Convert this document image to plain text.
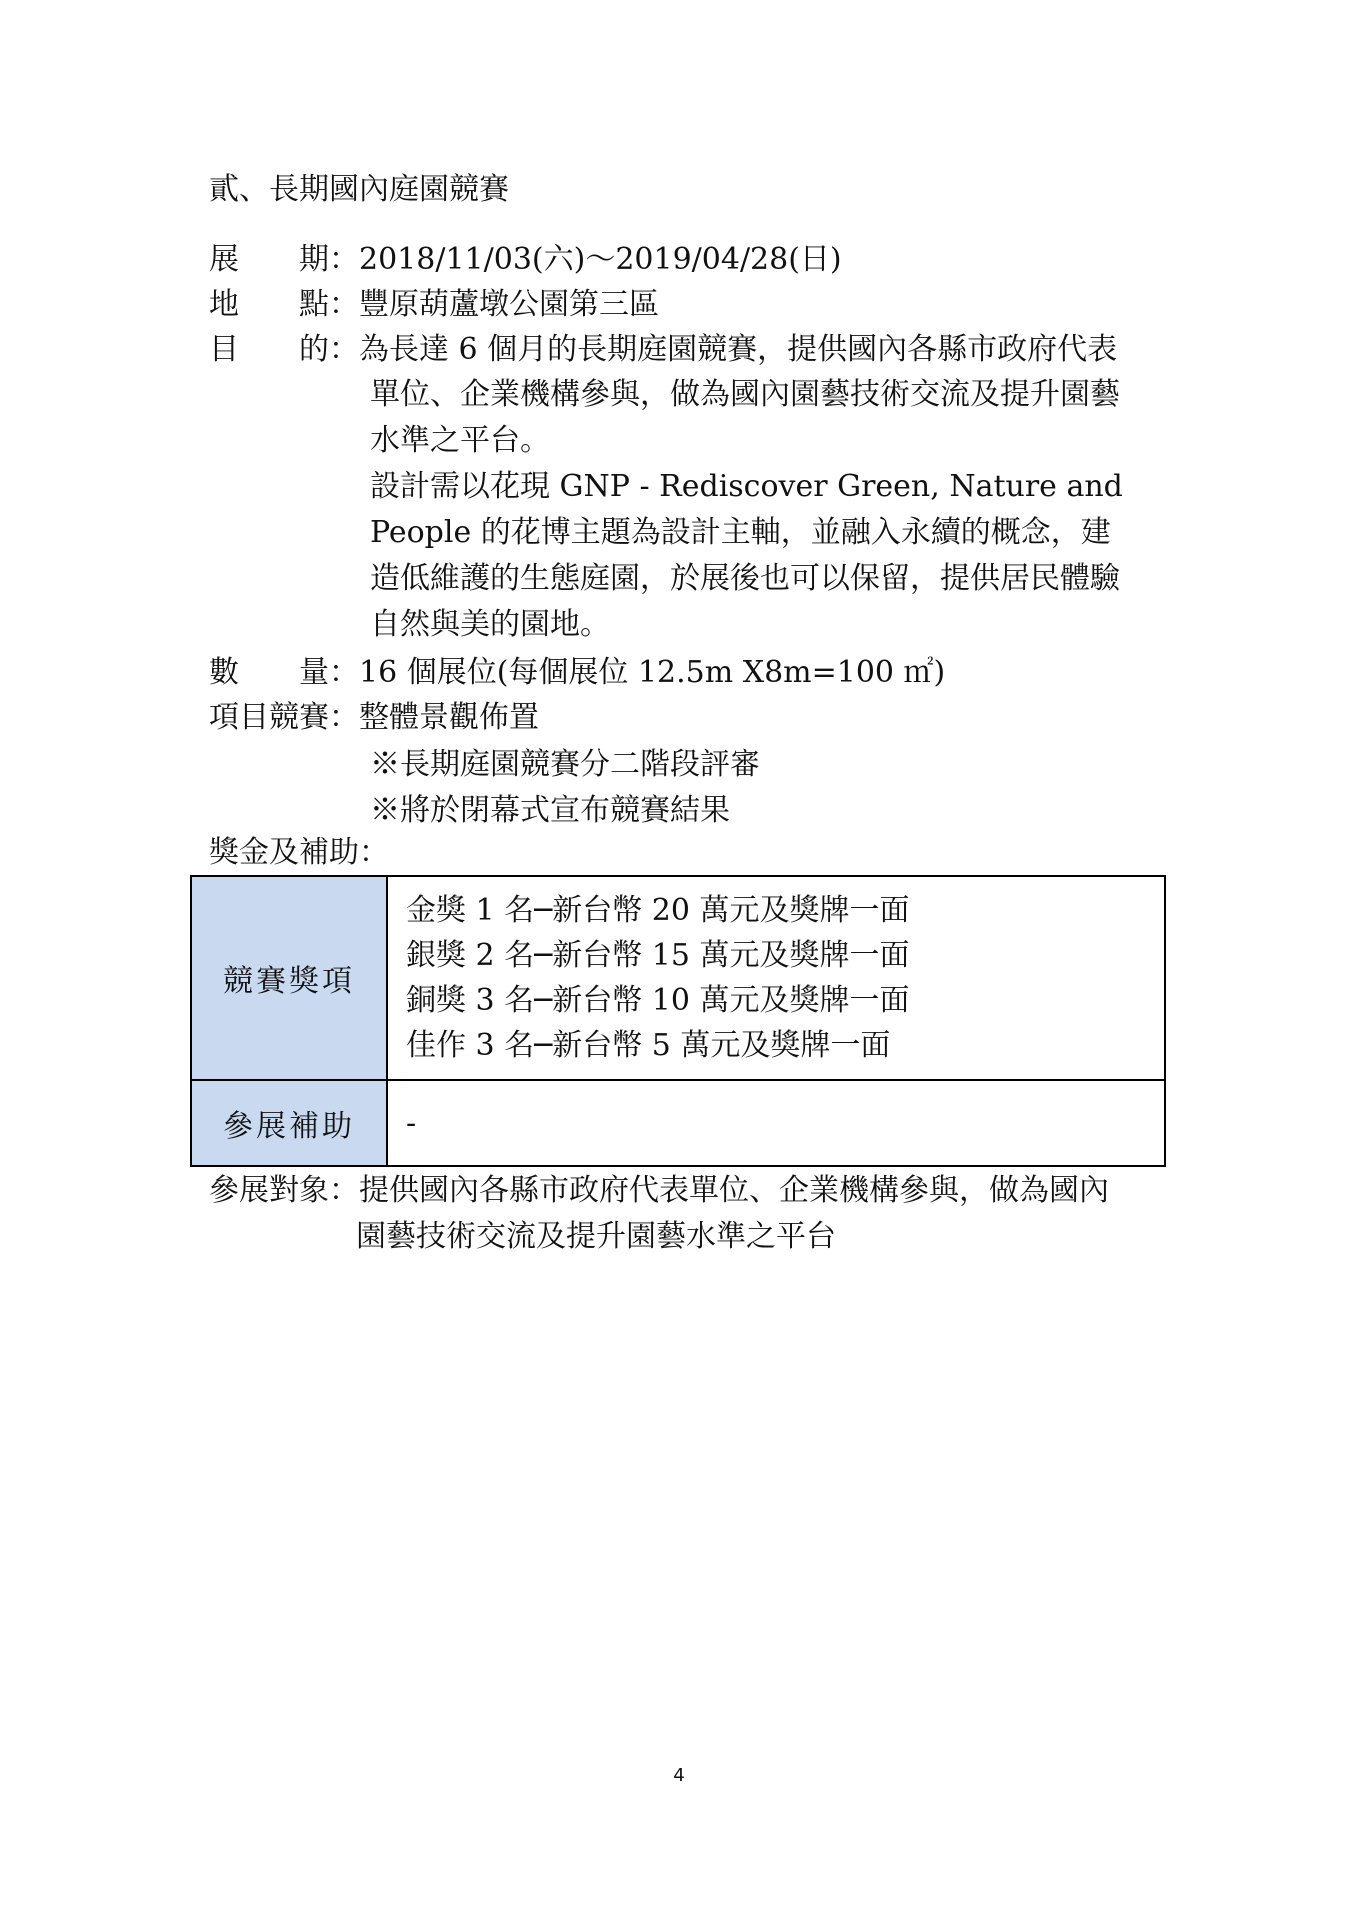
貳、長期國內庭園競賽
展　　期：2018/11/03(六)～2019/04/28(日)
地　　點：豐原葫蘆墩公園第三區
目　　的：為長達 6 個月的長期庭園競賽，提供國內各縣市政府代表
單位、企業機構參與，做為國內園藝技術交流及提升園藝
水準之平台。
設計需以花現 GNP - Rediscover Green, Nature and
People 的花博主題為設計主軸，並融入永續的概念，建
造低維護的生態庭園，於展後也可以保留，提供居民體驗
自然與美的園地。
數　　量：16 個展位(每個展位 12.5m X8m=100 ㎡)
項目競賽：整體景觀佈置
※長期庭園競賽分二階段評審
※將於閉幕式宣布競賽結果
獎金及補助：
競賽獎項	金獎 1 名─新台幣 20 萬元及獎牌一面
銀獎 2 名─新台幣 15 萬元及獎牌一面
銅獎 3 名─新台幣 10 萬元及獎牌一面
佳作 3 名─新台幣 5 萬元及獎牌一面

參展補助	-
參展對象：提供國內各縣市政府代表單位、企業機構參與，做為國內
園藝技術交流及提升園藝水準之平台
4
